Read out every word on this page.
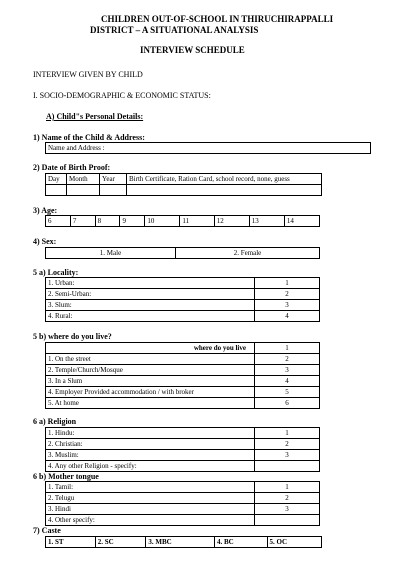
CHILDREN OUT-OF-SCHOOL IN THIRUCHIRAPPALLI
DISTRICT – A SITUATIONAL ANALYSIS
INTERVIEW SCHEDULE
INTERVIEW GIVEN BY CHILD
I. SOCIO-DEMOGRAPHIC & ECONOMIC STATUS:
A) Child"s Personal Details:
1) Name of the Child & Address:
Name and Address :
2) Date of Birth Proof:
Day	Month	Year	Birth Certificate, Ration Card, school record, none, guess

3) Age:
6	7	8	9	10	11	12	13	14
4) Sex:
1. Male	2. Female
5 a) Locality:
1. Urban:	1
2. Semi-Urban:	2
3. Slum:	3
4. Rural:	4
5 b) where do you live?
where do you live	1
1. On the street	2
2. Temple/Church/Mosque	3
3. In a Slum	4
4. Employer Provided accommodation / with broker	5
5. At home	6
6 a) Religion
1. Hindu:	1
2. Christian:	2
3. Muslim:	3
4. Any other Religion - specify:	
6 b) Mother tongue
1. Tamil:	1
2. Telugu	2
3. Hindi	3
4. Other specify:	
7) Caste
1. ST	2. SC	3. MBC	4. BC	5. OC
